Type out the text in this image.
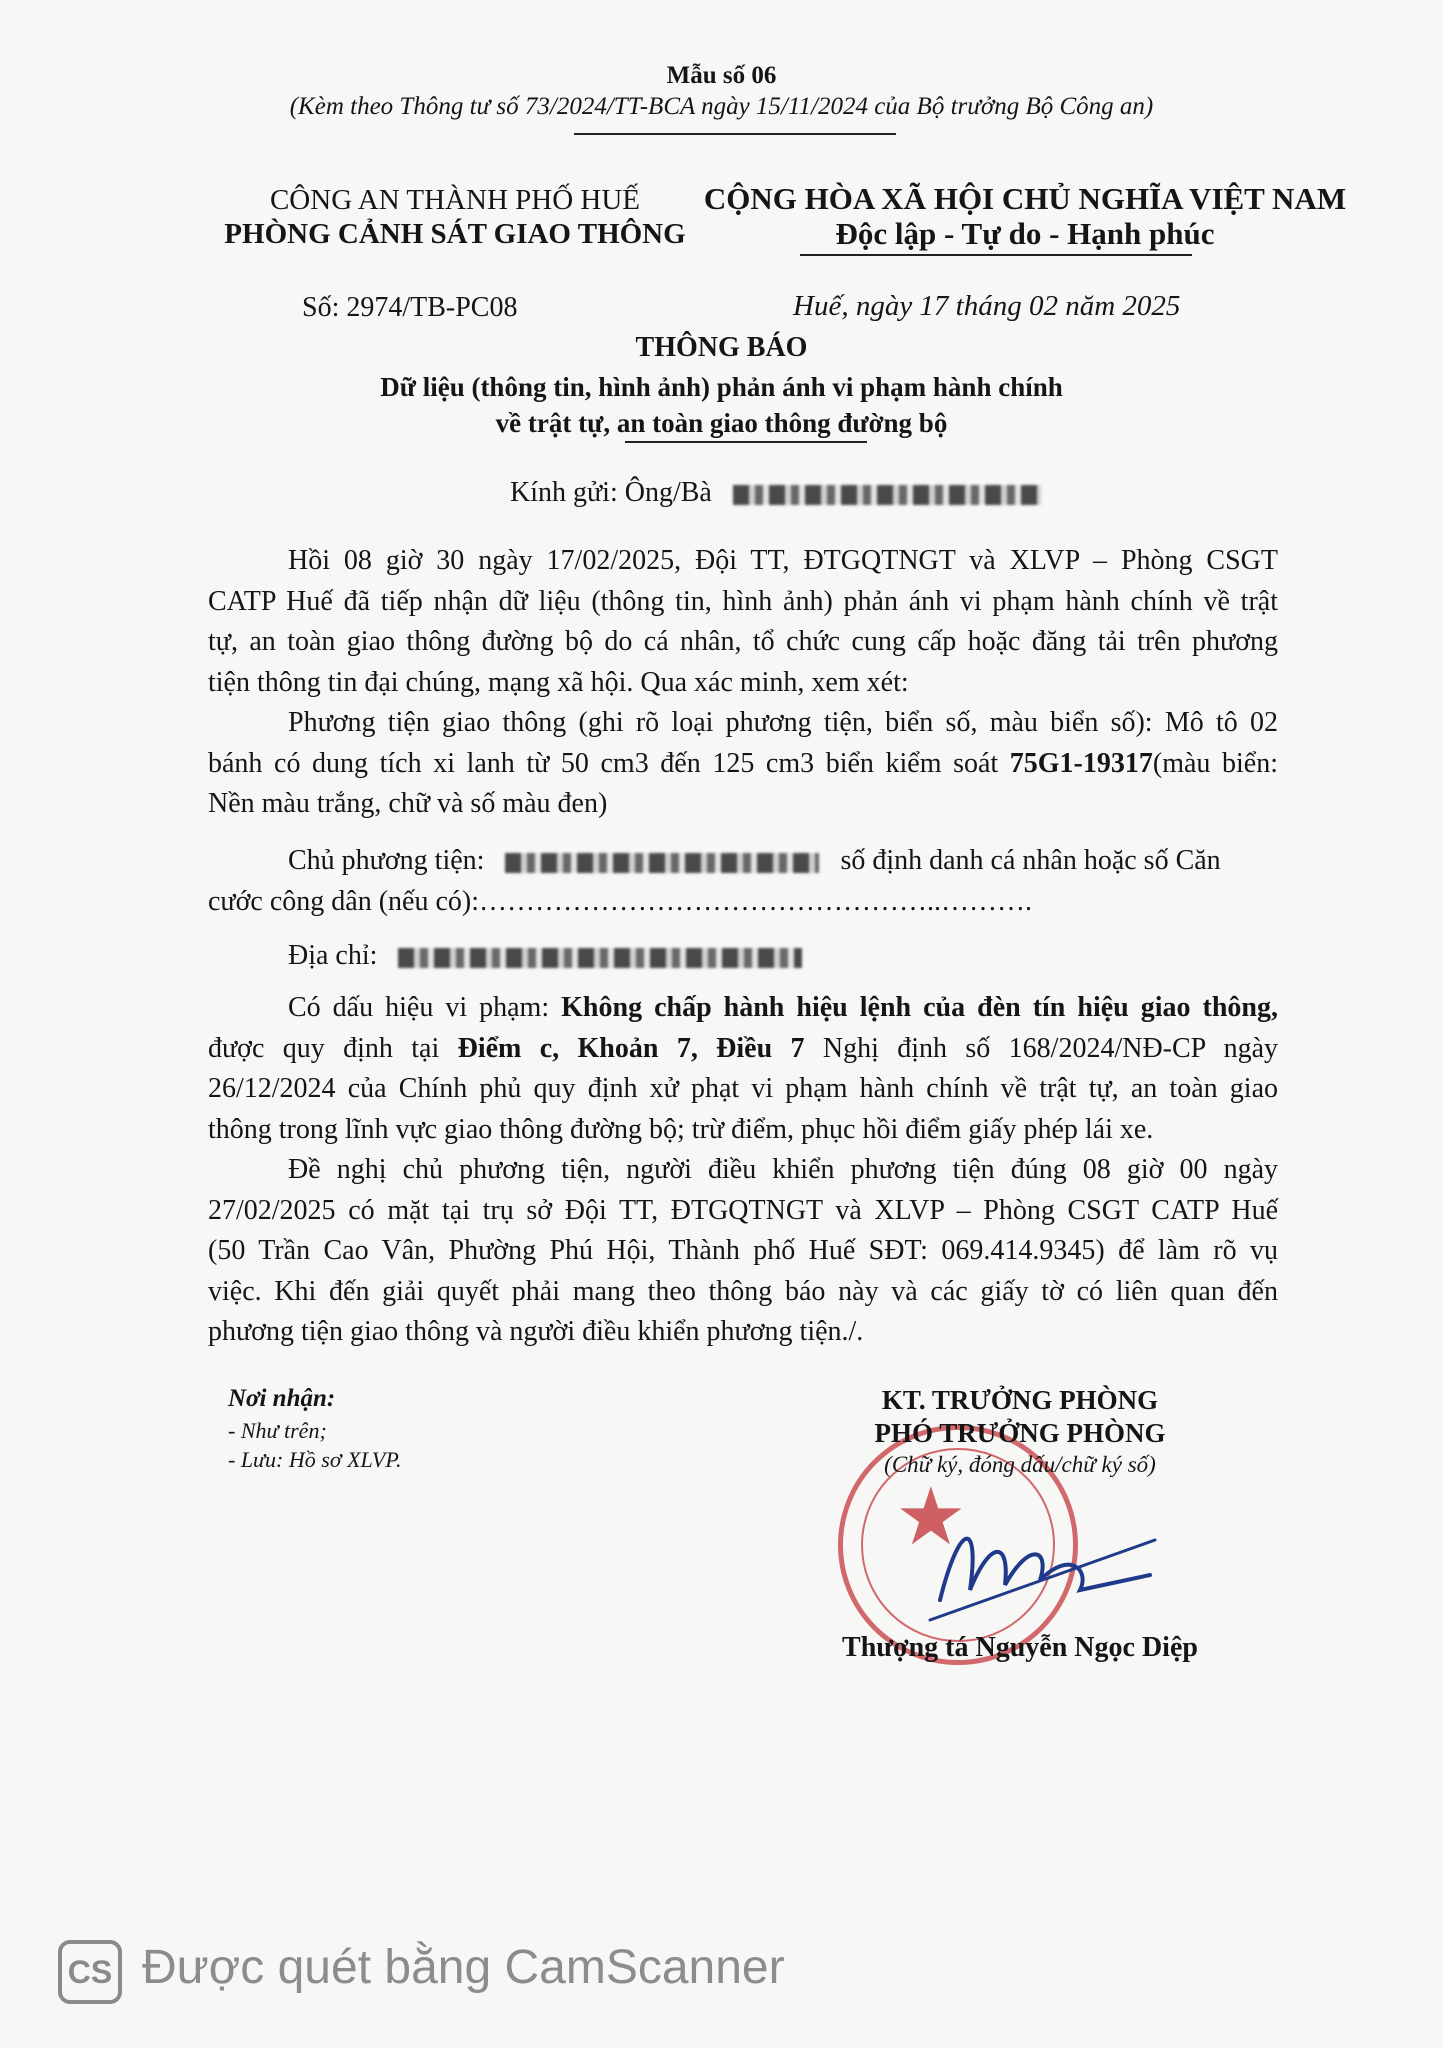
Mẫu số 06
(Kèm theo Thông tư số 73/2024/TT-BCA ngày 15/11/2024 của Bộ trưởng Bộ Công an)
CÔNG AN THÀNH PHỐ HUẾ
PHÒNG CẢNH SÁT GIAO THÔNG
CỘNG HÒA XÃ HỘI CHỦ NGHĨA VIỆT NAM
Độc lập - Tự do - Hạnh phúc
Số: 2974/TB-PC08	Huế, ngày 17 tháng 02 năm 2025
THÔNG BÁO
Dữ liệu (thông tin, hình ảnh) phản ánh vi phạm hành chính
về trật tự, an toàn giao thông đường bộ
Kính gửi: Ông/Bà
Hồi 08 giờ 30 ngày 17/02/2025, Đội TT, ĐTGQTNGT và XLVP – Phòng CSGT
CATP Huế đã tiếp nhận dữ liệu (thông tin, hình ảnh) phản ánh vi phạm hành chính về trật
tự, an toàn giao thông đường bộ do cá nhân, tổ chức cung cấp hoặc đăng tải trên phương
tiện thông tin đại chúng, mạng xã hội. Qua xác minh, xem xét:
Phương tiện giao thông (ghi rõ loại phương tiện, biển số, màu biển số): Mô tô 02
bánh có dung tích xi lanh từ 50 cm3 đến 125 cm3 biển kiểm soát 75G1-19317(màu biển:
Nền màu trắng, chữ và số màu đen)
Chủ phương tiện:	số định danh cá nhân hoặc số Căn
cước công dân (nếu có):…………………………………………..……….
Địa chỉ:
Có dấu hiệu vi phạm: Không chấp hành hiệu lệnh của đèn tín hiệu giao thông,
được quy định tại Điểm c, Khoản 7, Điều 7 Nghị định số 168/2024/NĐ-CP ngày
26/12/2024 của Chính phủ quy định xử phạt vi phạm hành chính về trật tự, an toàn giao
thông trong lĩnh vực giao thông đường bộ; trừ điểm, phục hồi điểm giấy phép lái xe.
Đề nghị chủ phương tiện, người điều khiển phương tiện đúng 08 giờ 00 ngày
27/02/2025 có mặt tại trụ sở Đội TT, ĐTGQTNGT và XLVP – Phòng CSGT CATP Huế
(50 Trần Cao Vân, Phường Phú Hội, Thành phố Huế SĐT: 069.414.9345) để làm rõ vụ
việc. Khi đến giải quyết phải mang theo thông báo này và các giấy tờ có liên quan đến
phương tiện giao thông và người điều khiển phương tiện./.
Nơi nhận:
- Như trên;
- Lưu: Hồ sơ XLVP.
★
KT. TRƯỞNG PHÒNG
PHÓ TRƯỞNG PHÒNG
(Chữ ký, đóng dấu/chữ ký số)
Thượng tá Nguyễn Ngọc Diệp
CS Được quét bằng CamScanner
